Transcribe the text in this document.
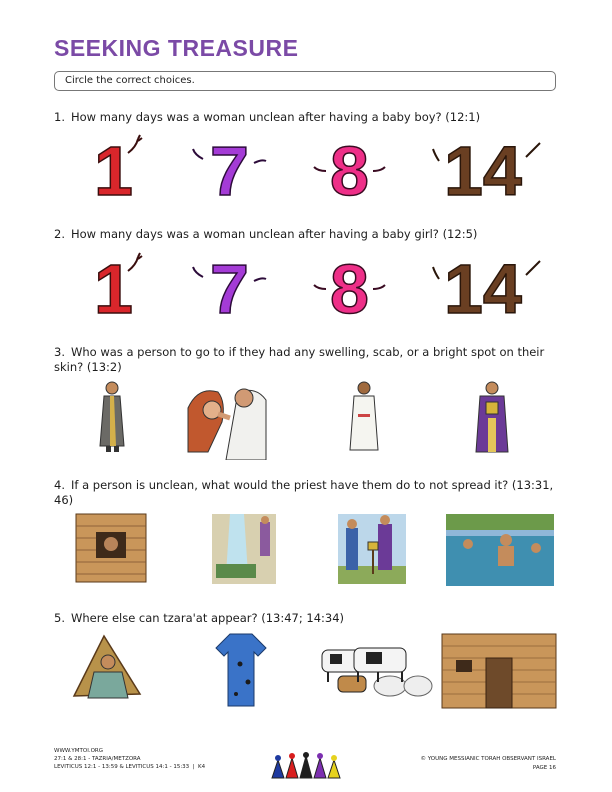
SEEKING TREASURE
Circle the correct choices.
1. How many days was a woman unclean after having a baby boy? (12:1)
1 7 8 14
2. How many days was a woman unclean after having a baby girl? (12:5)
1 7 8 14
3. Who was a person to go to if they had any swelling, scab, or a bright spot on their skin? (13:2)
4. If a person is unclean, what would the priest have them do to not spread it? (13:31, 46)
5. Where else can tzara'at appear? (13:47; 14:34)
WWW.YMTOI.ORG
27:1 & 28:1 - TAZRIA/METZORA
LEVITICUS 12:1 - 13:59 & LEVITICUS 14:1 - 15:33  |  K4
© YOUNG MESSIANIC TORAH OBSERVANT ISRAEL
PAGE 16
